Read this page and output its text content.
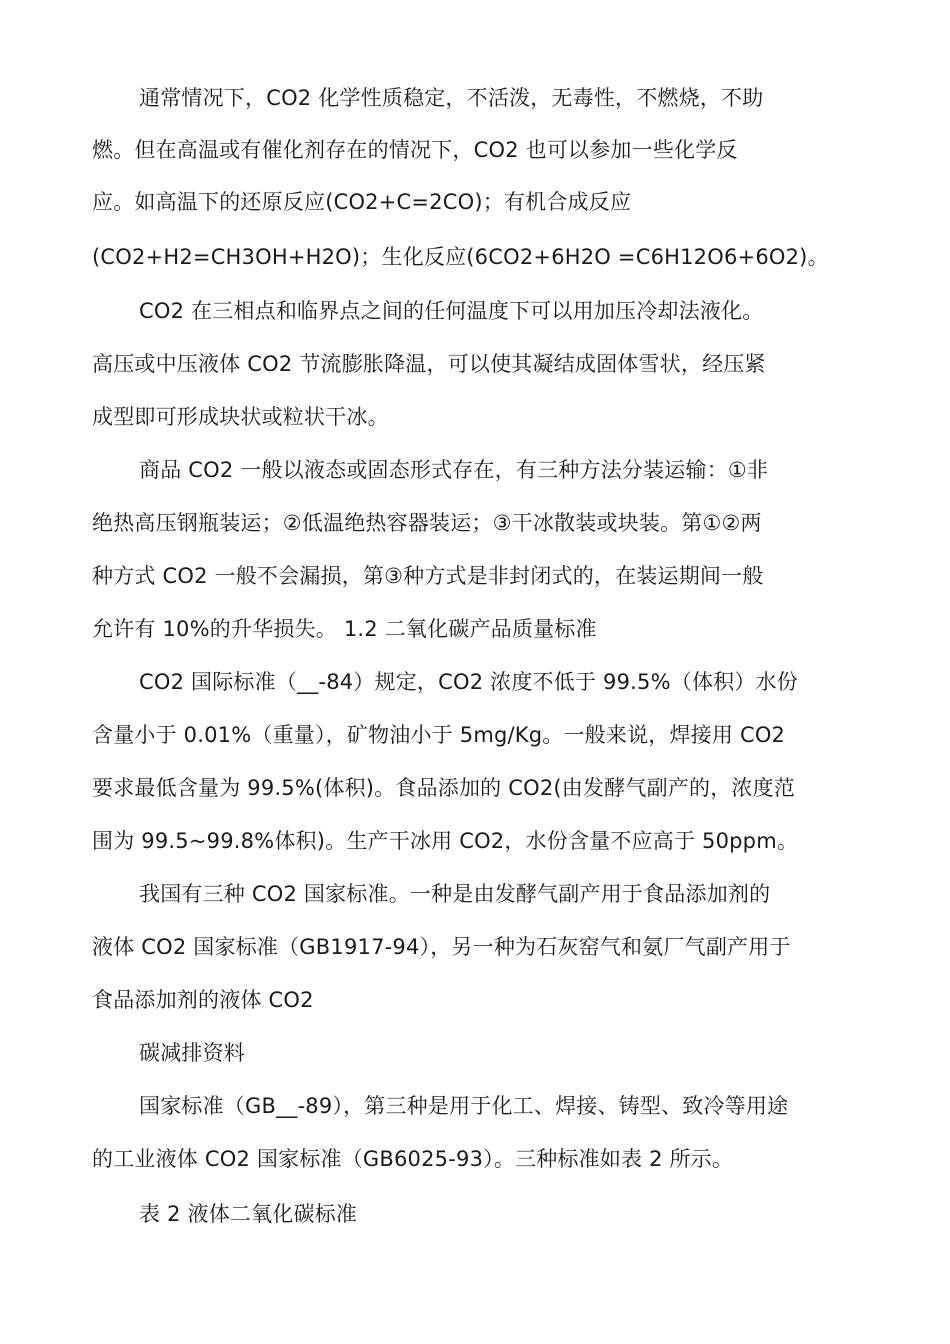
通常情况下，CO2 化学性质稳定，不活泼，无毒性，不燃烧，不助
燃。但在高温或有催化剂存在的情况下，CO2 也可以参加一些化学反
应。如高温下的还原反应(CO2+C=2CO)；有机合成反应
(CO2+H2=CH3OH+H2O)；生化反应(6CO2+6H2O =C6H12O6+6O2)。
CO2 在三相点和临界点之间的任何温度下可以用加压冷却法液化。
高压或中压液体 CO2 节流膨胀降温，可以使其凝结成固体雪状，经压紧
成型即可形成块状或粒状干冰。
商品 CO2 一般以液态或固态形式存在，有三种方法分装运输：①非
绝热高压钢瓶装运；②低温绝热容器装运；③干冰散装或块装。第①②两
种方式 CO2 一般不会漏损，第③种方式是非封闭式的，在装运期间一般
允许有 10%的升华损失。 1.2 二氧化碳产品质量标准
CO2 国际标准（__-84）规定，CO2 浓度不低于 99.5%（体积）水份
含量小于 0.01%（重量），矿物油小于 5mg/Kg。一般来说，焊接用 CO2
要求最低含量为 99.5%(体积)。食品添加的 CO2(由发酵气副产的，浓度范
围为 99.5~99.8%体积)。生产干冰用 CO2，水份含量不应高于 50ppm。
我国有三种 CO2 国家标准。一种是由发酵气副产用于食品添加剂的
液体 CO2 国家标准（GB1917-94），另一种为石灰窑气和氨厂气副产用于
食品添加剂的液体 CO2
碳减排资料
国家标准（GB__-89），第三种是用于化工、焊接、铸型、致冷等用途
的工业液体 CO2 国家标准（GB6025-93）。三种标准如表 2 所示。
表 2 液体二氧化碳标准
